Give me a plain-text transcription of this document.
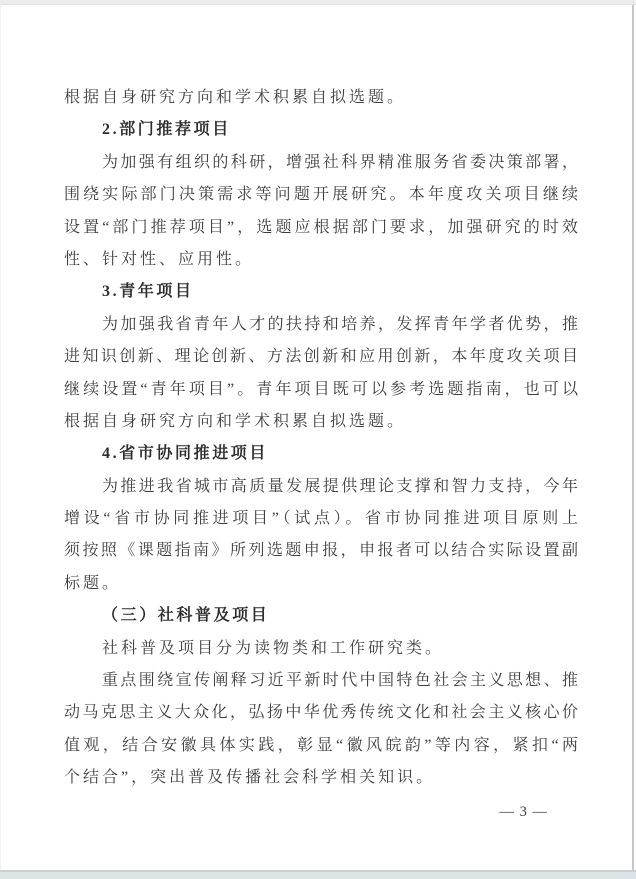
根据自身研究方向和学术积累自拟选题。
2.部门推荐项目
为加强有组织的科研，增强社科界精准服务省委决策部署，
围绕实际部门决策需求等问题开展研究。本年度攻关项目继续
设置“部门推荐项目”，选题应根据部门要求，加强研究的时效
性、针对性、应用性。
3.青年项目
为加强我省青年人才的扶持和培养，发挥青年学者优势，推
进知识创新、理论创新、方法创新和应用创新，本年度攻关项目
继续设置“青年项目”。青年项目既可以参考选题指南，也可以
根据自身研究方向和学术积累自拟选题。
4.省市协同推进项目
为推进我省城市高质量发展提供理论支撑和智力支持，今年
增设“省市协同推进项目”（试点）。省市协同推进项目原则上
须按照《课题指南》所列选题申报，申报者可以结合实际设置副
标题。
（三）社科普及项目
社科普及项目分为读物类和工作研究类。
重点围绕宣传阐释习近平新时代中国特色社会主义思想、推
动马克思主义大众化，弘扬中华优秀传统文化和社会主义核心价
值观，结合安徽具体实践，彰显“徽风皖韵”等内容，紧扣“两
个结合”，突出普及传播社会科学相关知识。
— 3 —
